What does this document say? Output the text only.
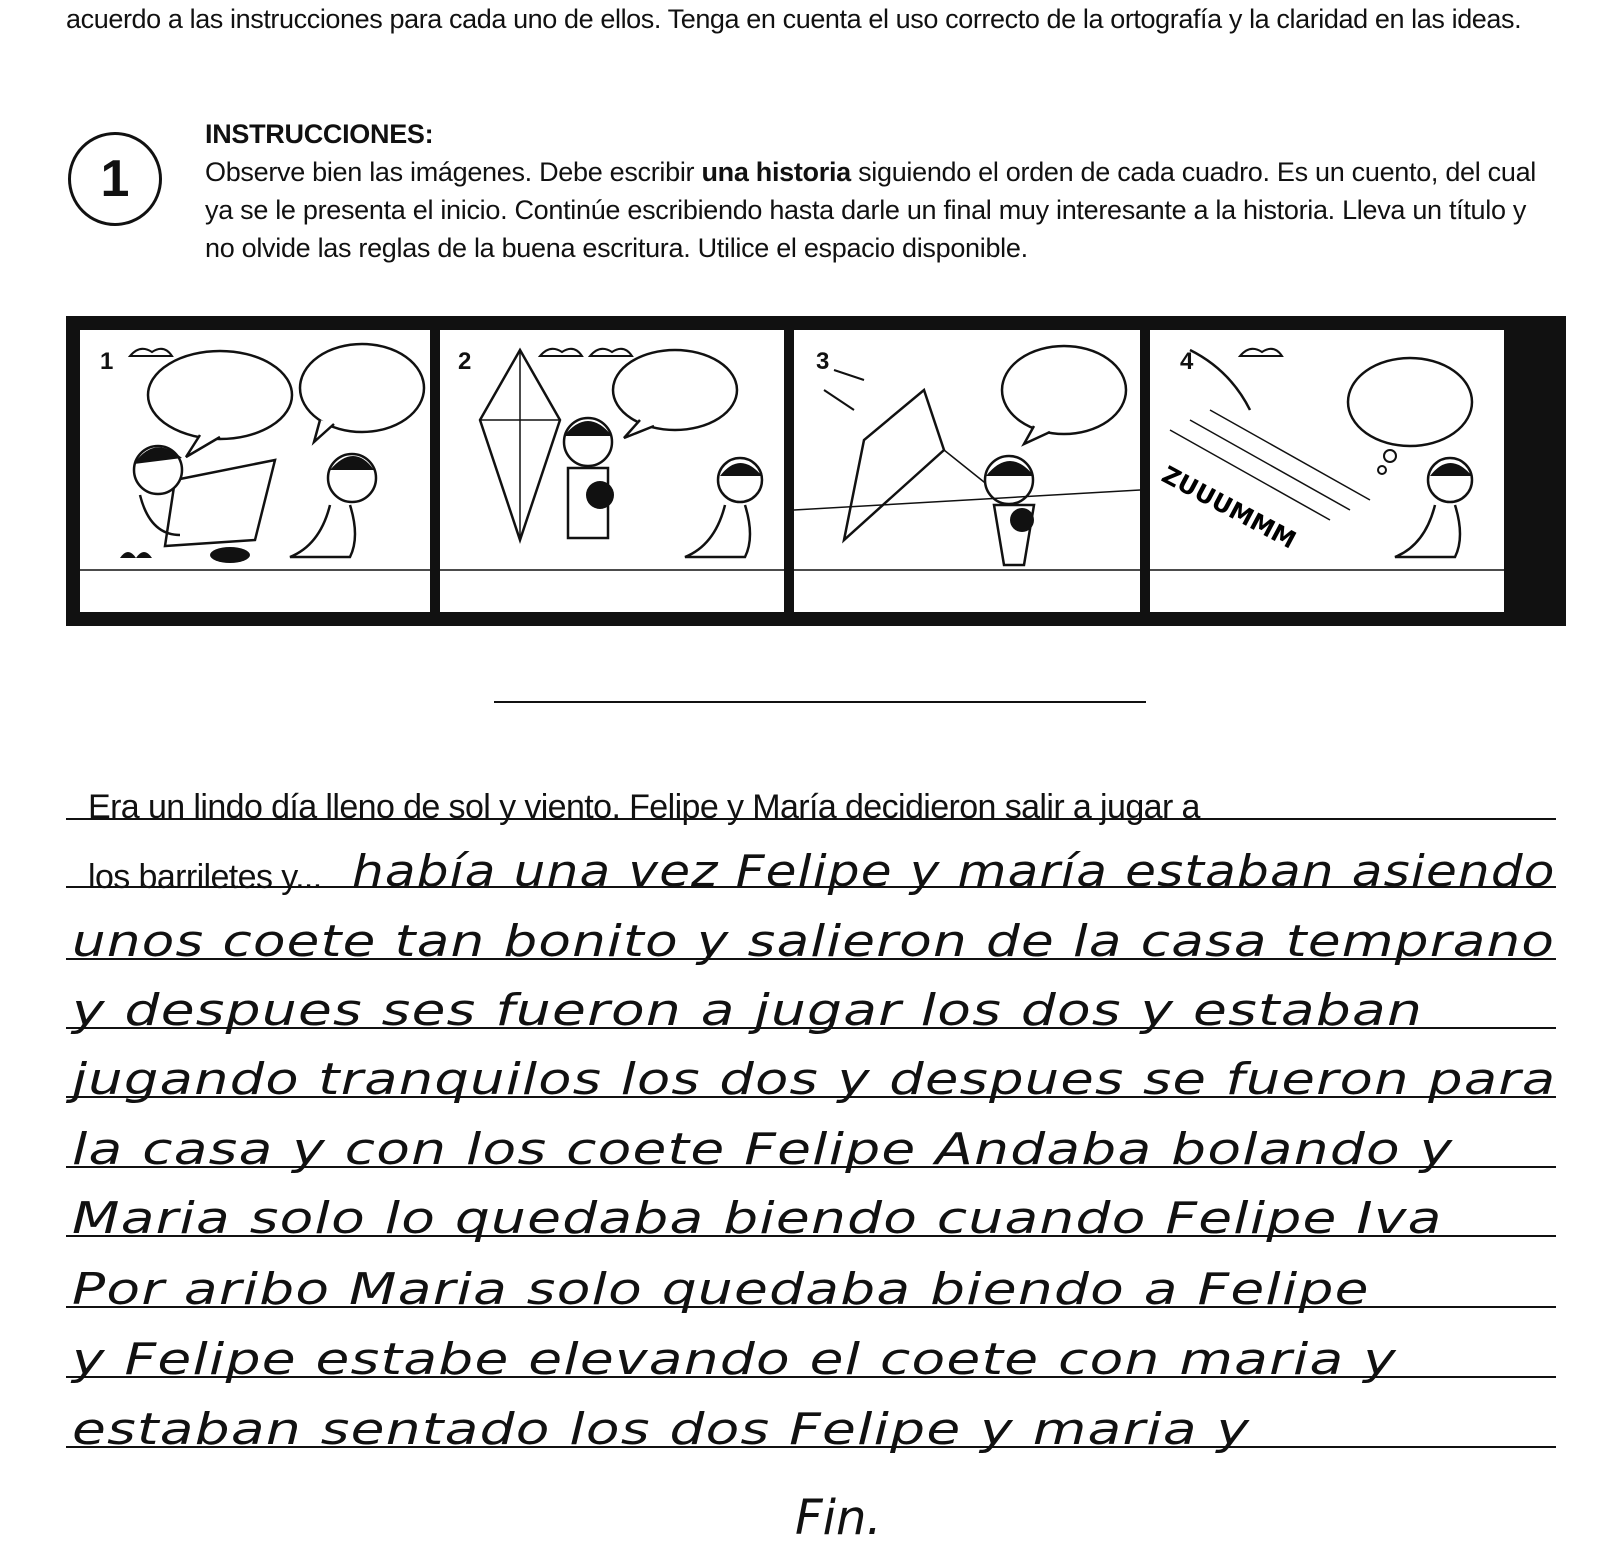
acuerdo a las instrucciones para cada uno de ellos. Tenga en cuenta el uso correcto de la ortografía y la claridad en las ideas.
1
INSTRUCCIONES:

Observe bien las imágenes. Debe escribir una historia siguiendo el orden de cada cuadro. Es un cuento, del cual ya se le presenta el inicio. Continúe escribiendo hasta darle un final muy interesante a la historia. Lleva un título y no olvide las reglas de la buena escritura. Utilice el espacio disponible.

1	2	3
ZUUUMMM
4
Era un lindo día lleno de sol y viento. Felipe y María decidieron salir a jugar a
los barriletes y... había una vez Felipe y maría estaban asiendo
unos coete tan bonito y salieron de la casa temprano
y despues ses fueron a jugar los dos y estaban
jugando tranquilos los dos y despues se fueron para
la casa y con los coete Felipe Andaba bolando y
Maria solo lo quedaba biendo cuando Felipe Iva
Por aribo Maria solo quedaba biendo a Felipe
y Felipe estabe elevando el coete con maria y
estaban sentado los dos Felipe y maria y
Fin.
